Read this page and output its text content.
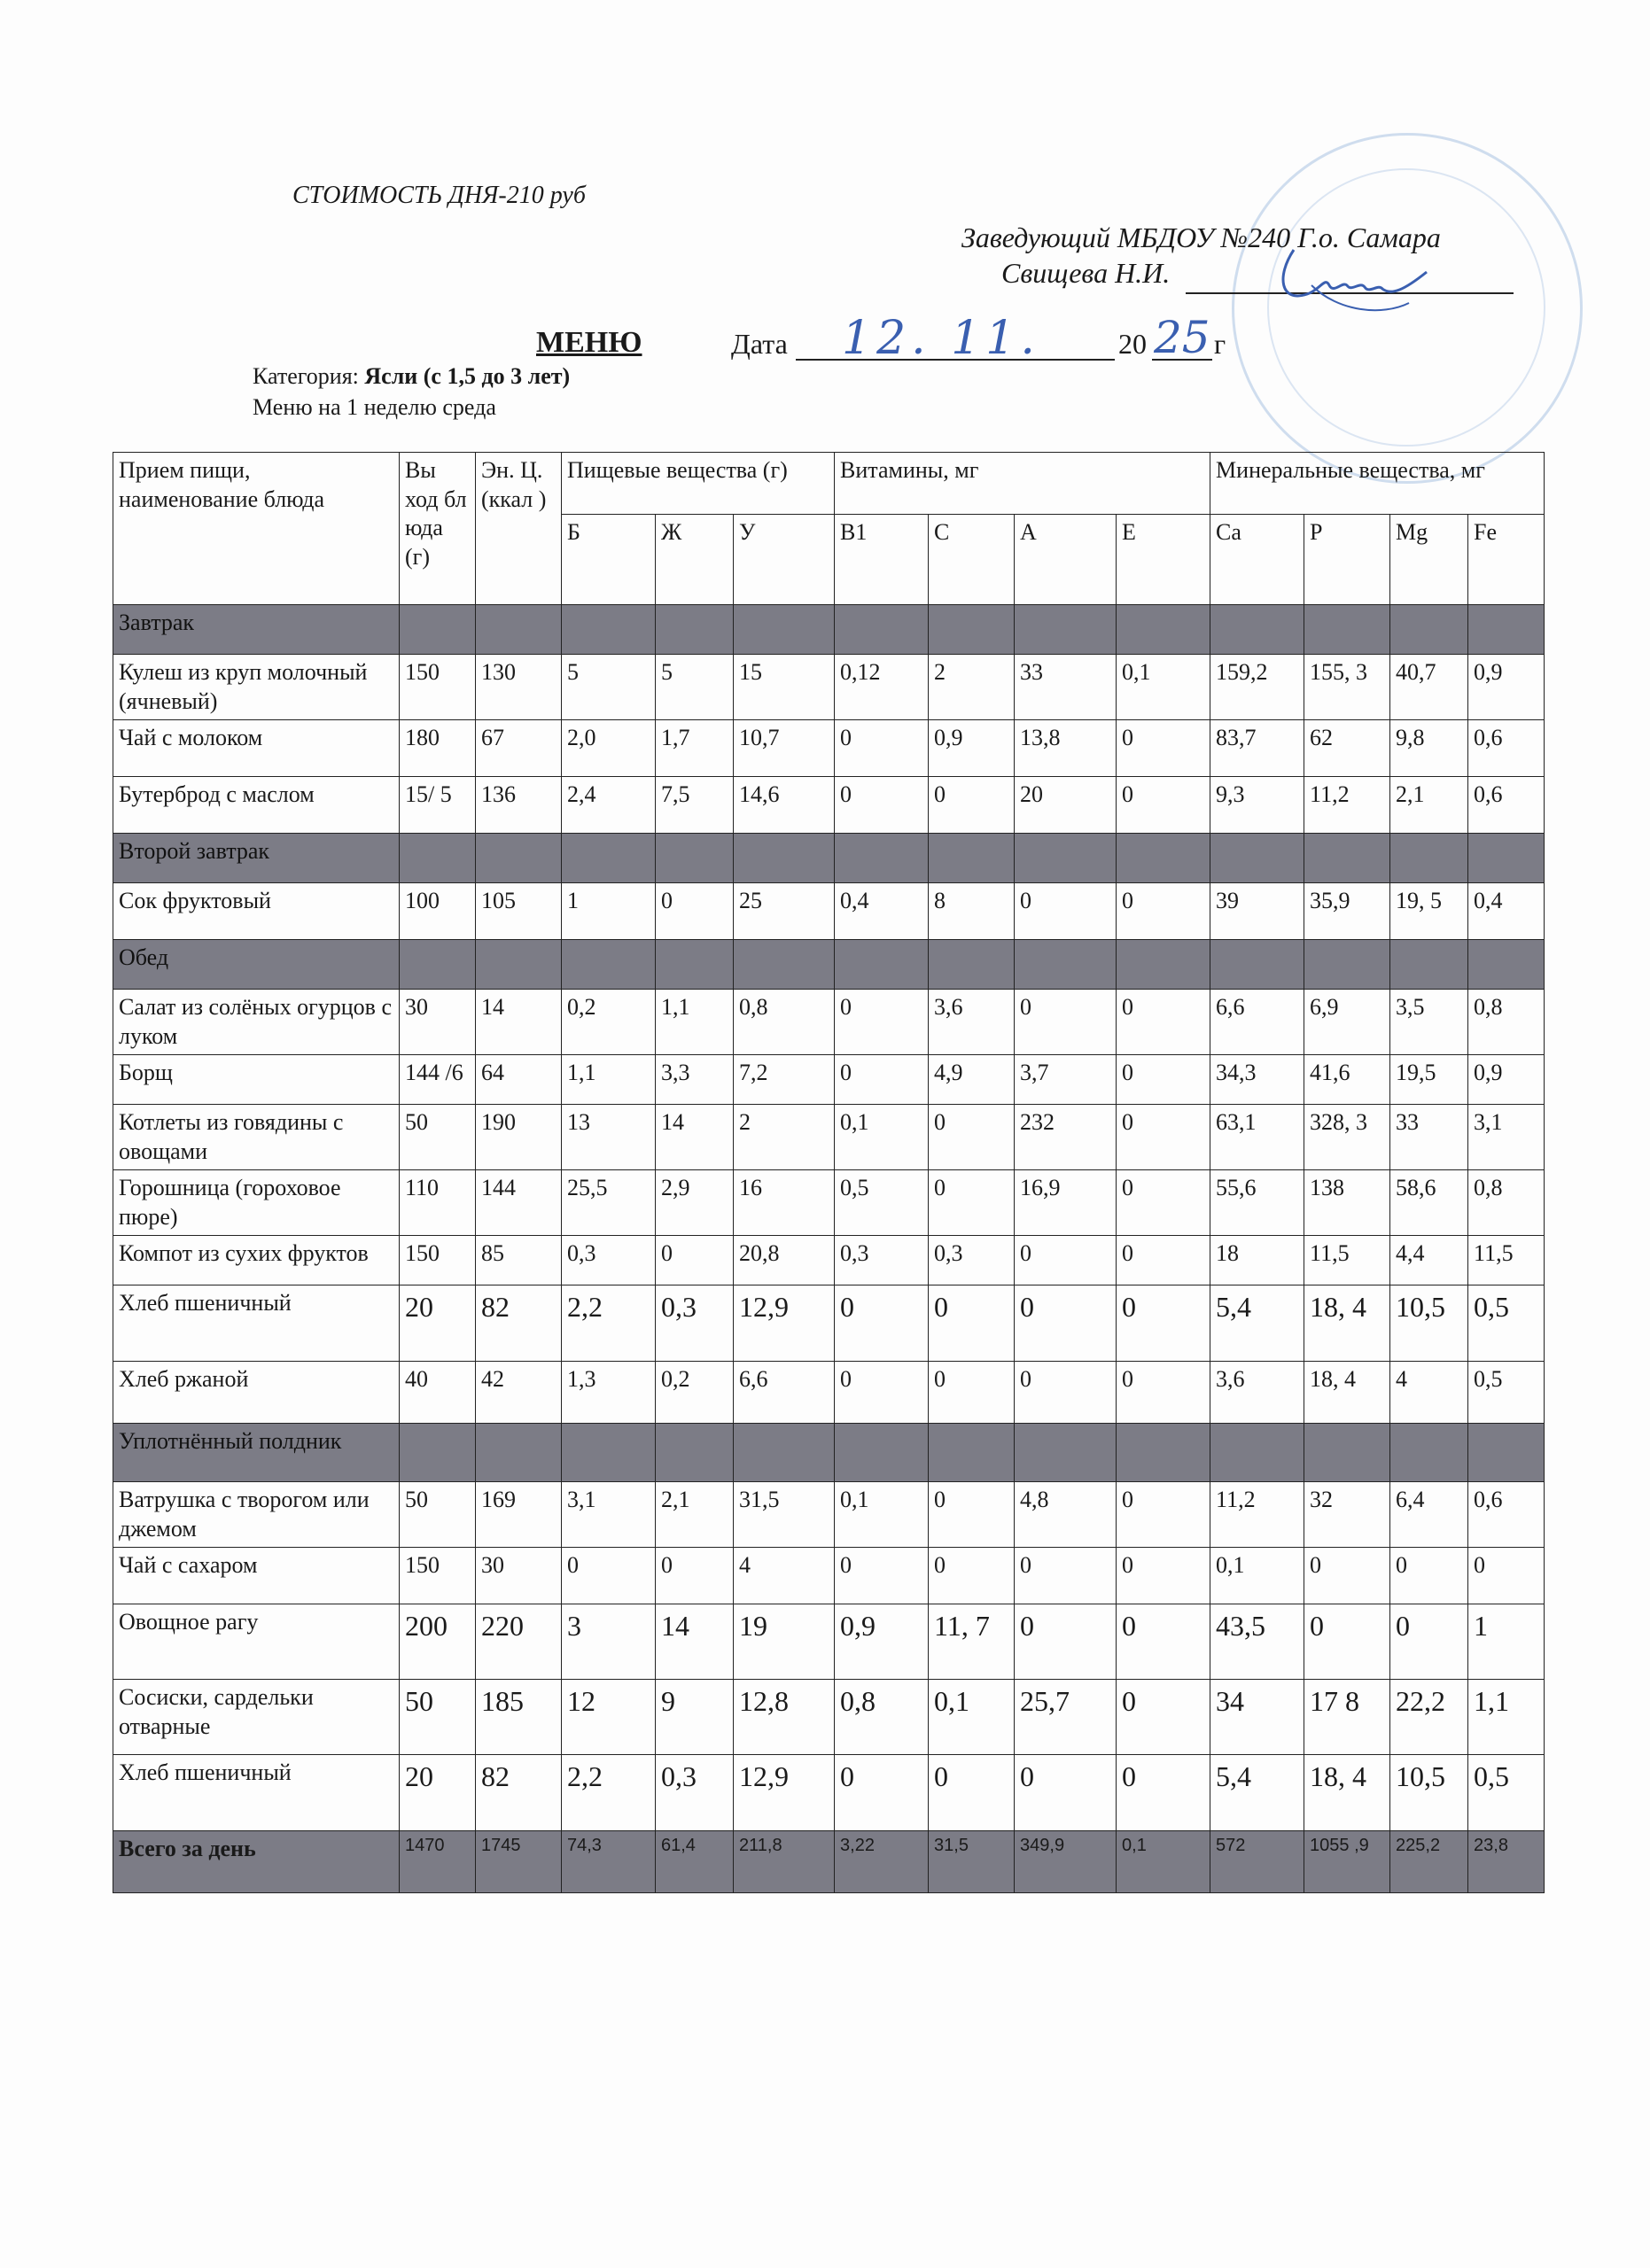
СТОИМОСТЬ ДНЯ-210 руб
Заведующий МБДОУ №240 Г.о. Самара
Свищева Н.И.
МЕНЮ	Дата 12. 11.	20 25 г
Категория: Ясли (с 1,5 до 3 лет)
Меню на 1 неделю среда
Прием пищи, наименование блюда	Вы ход бл юда (г)	Эн. Ц. (ккал )	Пищевые вещества (г)			Витамины, мг				Минеральные вещества, мг			
			Б	Ж	У	В1	С	А	Е	Ca	P	Mg	Fe
Завтрак													
Кулеш из круп молочный (ячневый)	150	130	5	5	15	0,12	2	33	0,1	159,2	155, 3	40,7	0,9
Чай с молоком	180	67	2,0	1,7	10,7	0	0,9	13,8	0	83,7	62	9,8	0,6
Бутерброд с маслом	15/ 5	136	2,4	7,5	14,6	0	0	20	0	9,3	11,2	2,1	0,6
Второй завтрак													
Сок фруктовый	100	105	1	0	25	0,4	8	0	0	39	35,9	19, 5	0,4
Обед													
Салат из солёных огурцов с луком	30	14	0,2	1,1	0,8	0	3,6	0	0	6,6	6,9	3,5	0,8
Борщ	144 /6	64	1,1	3,3	7,2	0	4,9	3,7	0	34,3	41,6	19,5	0,9
Котлеты из говядины с овощами	50	190	13	14	2	0,1	0	232	0	63,1	328, 3	33	3,1
Горошница (гороховое пюре)	110	144	25,5	2,9	16	0,5	0	16,9	0	55,6	138	58,6	0,8
Компот из сухих фруктов	150	85	0,3	0	20,8	0,3	0,3	0	0	18	11,5	4,4	11,5
Хлеб пшеничный	20	82	2,2	0,3	12,9	0	0	0	0	5,4	18, 4	10,5	0,5
Хлеб ржаной	40	42	1,3	0,2	6,6	0	0	0	0	3,6	18, 4	4	0,5
Уплотнённый полдник													
Ватрушка с творогом или джемом	50	169	3,1	2,1	31,5	0,1	0	4,8	0	11,2	32	6,4	0,6
Чай с сахаром	150	30	0	0	4	0	0	0	0	0,1	0	0	0
Овощное рагу	200	220	3	14	19	0,9	11, 7	0	0	43,5	0	0	1
Сосиски, сардельки отварные	50	185	12	9	12,8	0,8	0,1	25,7	0	34	17 8	22,2	1,1
Хлеб пшеничный	20	82	2,2	0,3	12,9	0	0	0	0	5,4	18, 4	10,5	0,5
Всего за день	1470	1745	74,3	61,4	211,8	3,22	31,5	349,9	0,1	572	1055 ,9	225,2	23,8
